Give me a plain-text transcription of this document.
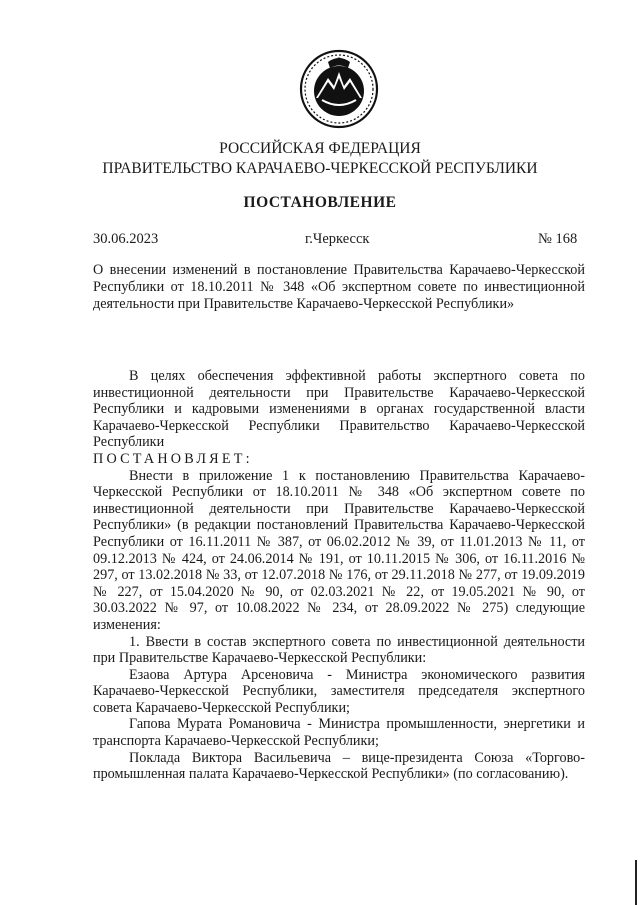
РОССИЙСКАЯ ФЕДЕРАЦИЯ
ПРАВИТЕЛЬСТВО КАРАЧАЕВО-ЧЕРКЕССКОЙ РЕСПУБЛИКИ
ПОСТАНОВЛЕНИЕ
30.06.2023	г.Черкесск	№ 168
О внесении изменений в постановление Правительства Карачаево-Черкесской Республики от 18.10.2011 № 348 «Об экспертном совете по инвестиционной деятельности при Правительстве Карачаево-Черкесской Республики»

В целях обеспечения эффективной работы экспертного совета по инвестиционной деятельности при Правительстве Карачаево-Черкесской Республики и кадровыми изменениями в органах государственной власти Карачаево-Черкесской Республики Правительство Карачаево-Черкесской Республики

ПОСТАНОВЛЯЕТ:

Внести в приложение 1 к постановлению Правительства Карачаево-Черкесской Республики от 18.10.2011 № 348 «Об экспертном совете по инвестиционной деятельности при Правительстве Карачаево-Черкесской Республики» (в редакции постановлений Правительства Карачаево-Черкесской Республики от 16.11.2011 № 387, от 06.02.2012 № 39, от 11.01.2013 № 11, от 09.12.2013 № 424, от 24.06.2014 № 191, от 10.11.2015 № 306, от 16.11.2016 № 297, от 13.02.2018 № 33, от 12.07.2018 № 176, от 29.11.2018 № 277, от 19.09.2019 № 227, от 15.04.2020 № 90, от 02.03.2021 № 22, от 19.05.2021 № 90, от 30.03.2022 № 97, от 10.08.2022 № 234, от 28.09.2022 № 275) следующие изменения:

1. Ввести в состав экспертного совета по инвестиционной деятельности при Правительстве Карачаево-Черкесской Республики:

Езаова Артура Арсеновича - Министра экономического развития Карачаево-Черкесской Республики, заместителя председателя экспертного совета Карачаево-Черкесской Республики;

Гапова Мурата Романовича - Министра промышленности, энергетики и транспорта Карачаево-Черкесской Республики;

Поклада Виктора Васильевича – вице-президента Союза «Торгово-промышленная палата Карачаево-Черкесской Республики» (по согласованию).
